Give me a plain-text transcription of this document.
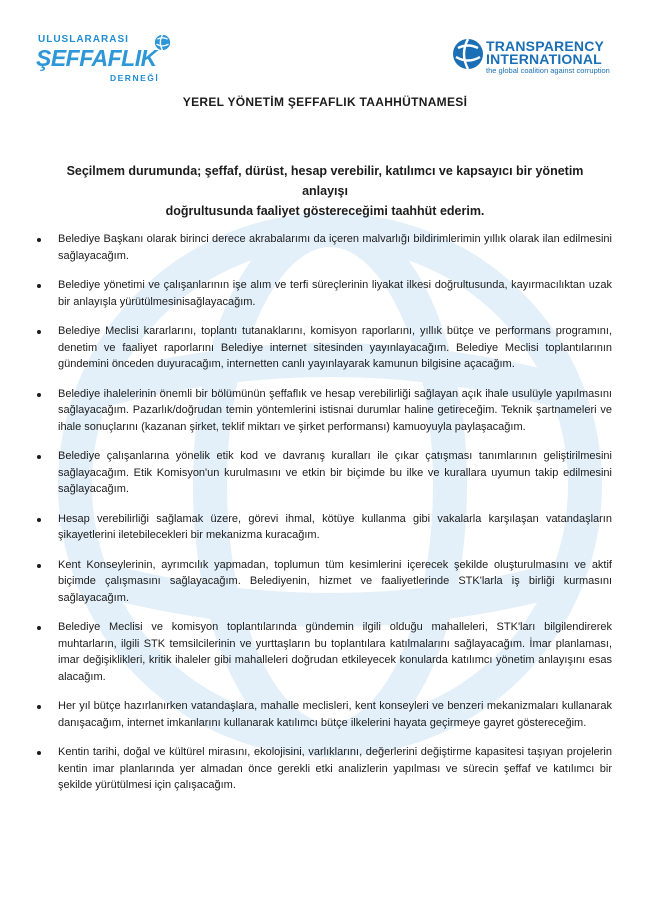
ULUSLARARASI
ŞEFFAFLIK
DERNEĞİ
TRANSPARENCY
INTERNATIONAL
the global coalition against corruption
YEREL YÖNETİM ŞEFFAFLIK TAAHHÜTNAMESİ
Seçilmem durumunda; şeffaf, dürüst, hesap verebilir, katılımcı ve kapsayıcı bir yönetim anlayışı
doğrultusunda faaliyet göstereceğimi taahhüt ederim.
Belediye Başkanı olarak birinci derece akrabalarımı da içeren malvarlığı bildirimlerimin yıllık olarak ilan edilmesini sağlayacağım.
Belediye yönetimi ve çalışanlarının işe alım ve terfi süreçlerinin liyakat ilkesi doğrultusunda, kayırmacılıktan uzak bir anlayışla yürütülmesinisağlayacağım.
Belediye Meclisi kararlarını, toplantı tutanaklarını, komisyon raporlarını, yıllık bütçe ve performans programını, denetim ve faaliyet raporlarını Belediye internet sitesinden yayınlayacağım. Belediye Meclisi toplantılarının gündemini önceden duyuracağım, internetten canlı yayınlayarak kamunun bilgisine açacağım.
Belediye ihalelerinin önemli bir bölümünün şeffaflık ve hesap verebilirliği sağlayan açık ihale usulüyle yapılmasını sağlayacağım. Pazarlık/doğrudan temin yöntemlerini istisnai durumlar haline getireceğim. Teknik şartnameleri ve ihale sonuçlarını (kazanan şirket, teklif miktarı ve şirket performansı) kamuoyuyla paylaşacağım.
Belediye çalışanlarına yönelik etik kod ve davranış kuralları ile çıkar çatışması tanımlarının geliştirilmesini sağlayacağım. Etik Komisyon'un kurulmasını ve etkin bir biçimde bu ilke ve kurallara uyumun takip edilmesini sağlayacağım.
Hesap verebilirliği sağlamak üzere, görevi ihmal, kötüye kullanma gibi vakalarla karşılaşan vatandaşların şikayetlerini iletebilecekleri bir mekanizma kuracağım.
Kent Konseylerinin, ayrımcılık yapmadan, toplumun tüm kesimlerini içerecek şekilde oluşturulmasını ve aktif biçimde çalışmasını sağlayacağım. Belediyenin, hizmet ve faaliyetlerinde STK'larla iş birliği kurmasını sağlayacağım.
Belediye Meclisi ve komisyon toplantılarında gündemin ilgili olduğu mahalleleri, STK'ları bilgilendirerek muhtarların, ilgili STK temsilcilerinin ve yurttaşların bu toplantılara katılmalarını sağlayacağım. İmar planlaması, imar değişiklikleri, kritik ihaleler gibi mahalleleri doğrudan etkileyecek konularda katılımcı yönetim anlayışını esas alacağım.
Her yıl bütçe hazırlanırken vatandaşlara, mahalle meclisleri, kent konseyleri ve benzeri mekanizmaları kullanarak danışacağım, internet imkanlarını kullanarak katılımcı bütçe ilkelerini hayata geçirmeye gayret göstereceğim.
Kentin tarihi, doğal ve kültürel mirasını, ekolojisini, varlıklarını, değerlerini değiştirme kapasitesi taşıyan projelerin kentin imar planlarında yer almadan önce gerekli etki analizlerin yapılması ve sürecin şeffaf ve katılımcı bir şekilde yürütülmesi için çalışacağım.
